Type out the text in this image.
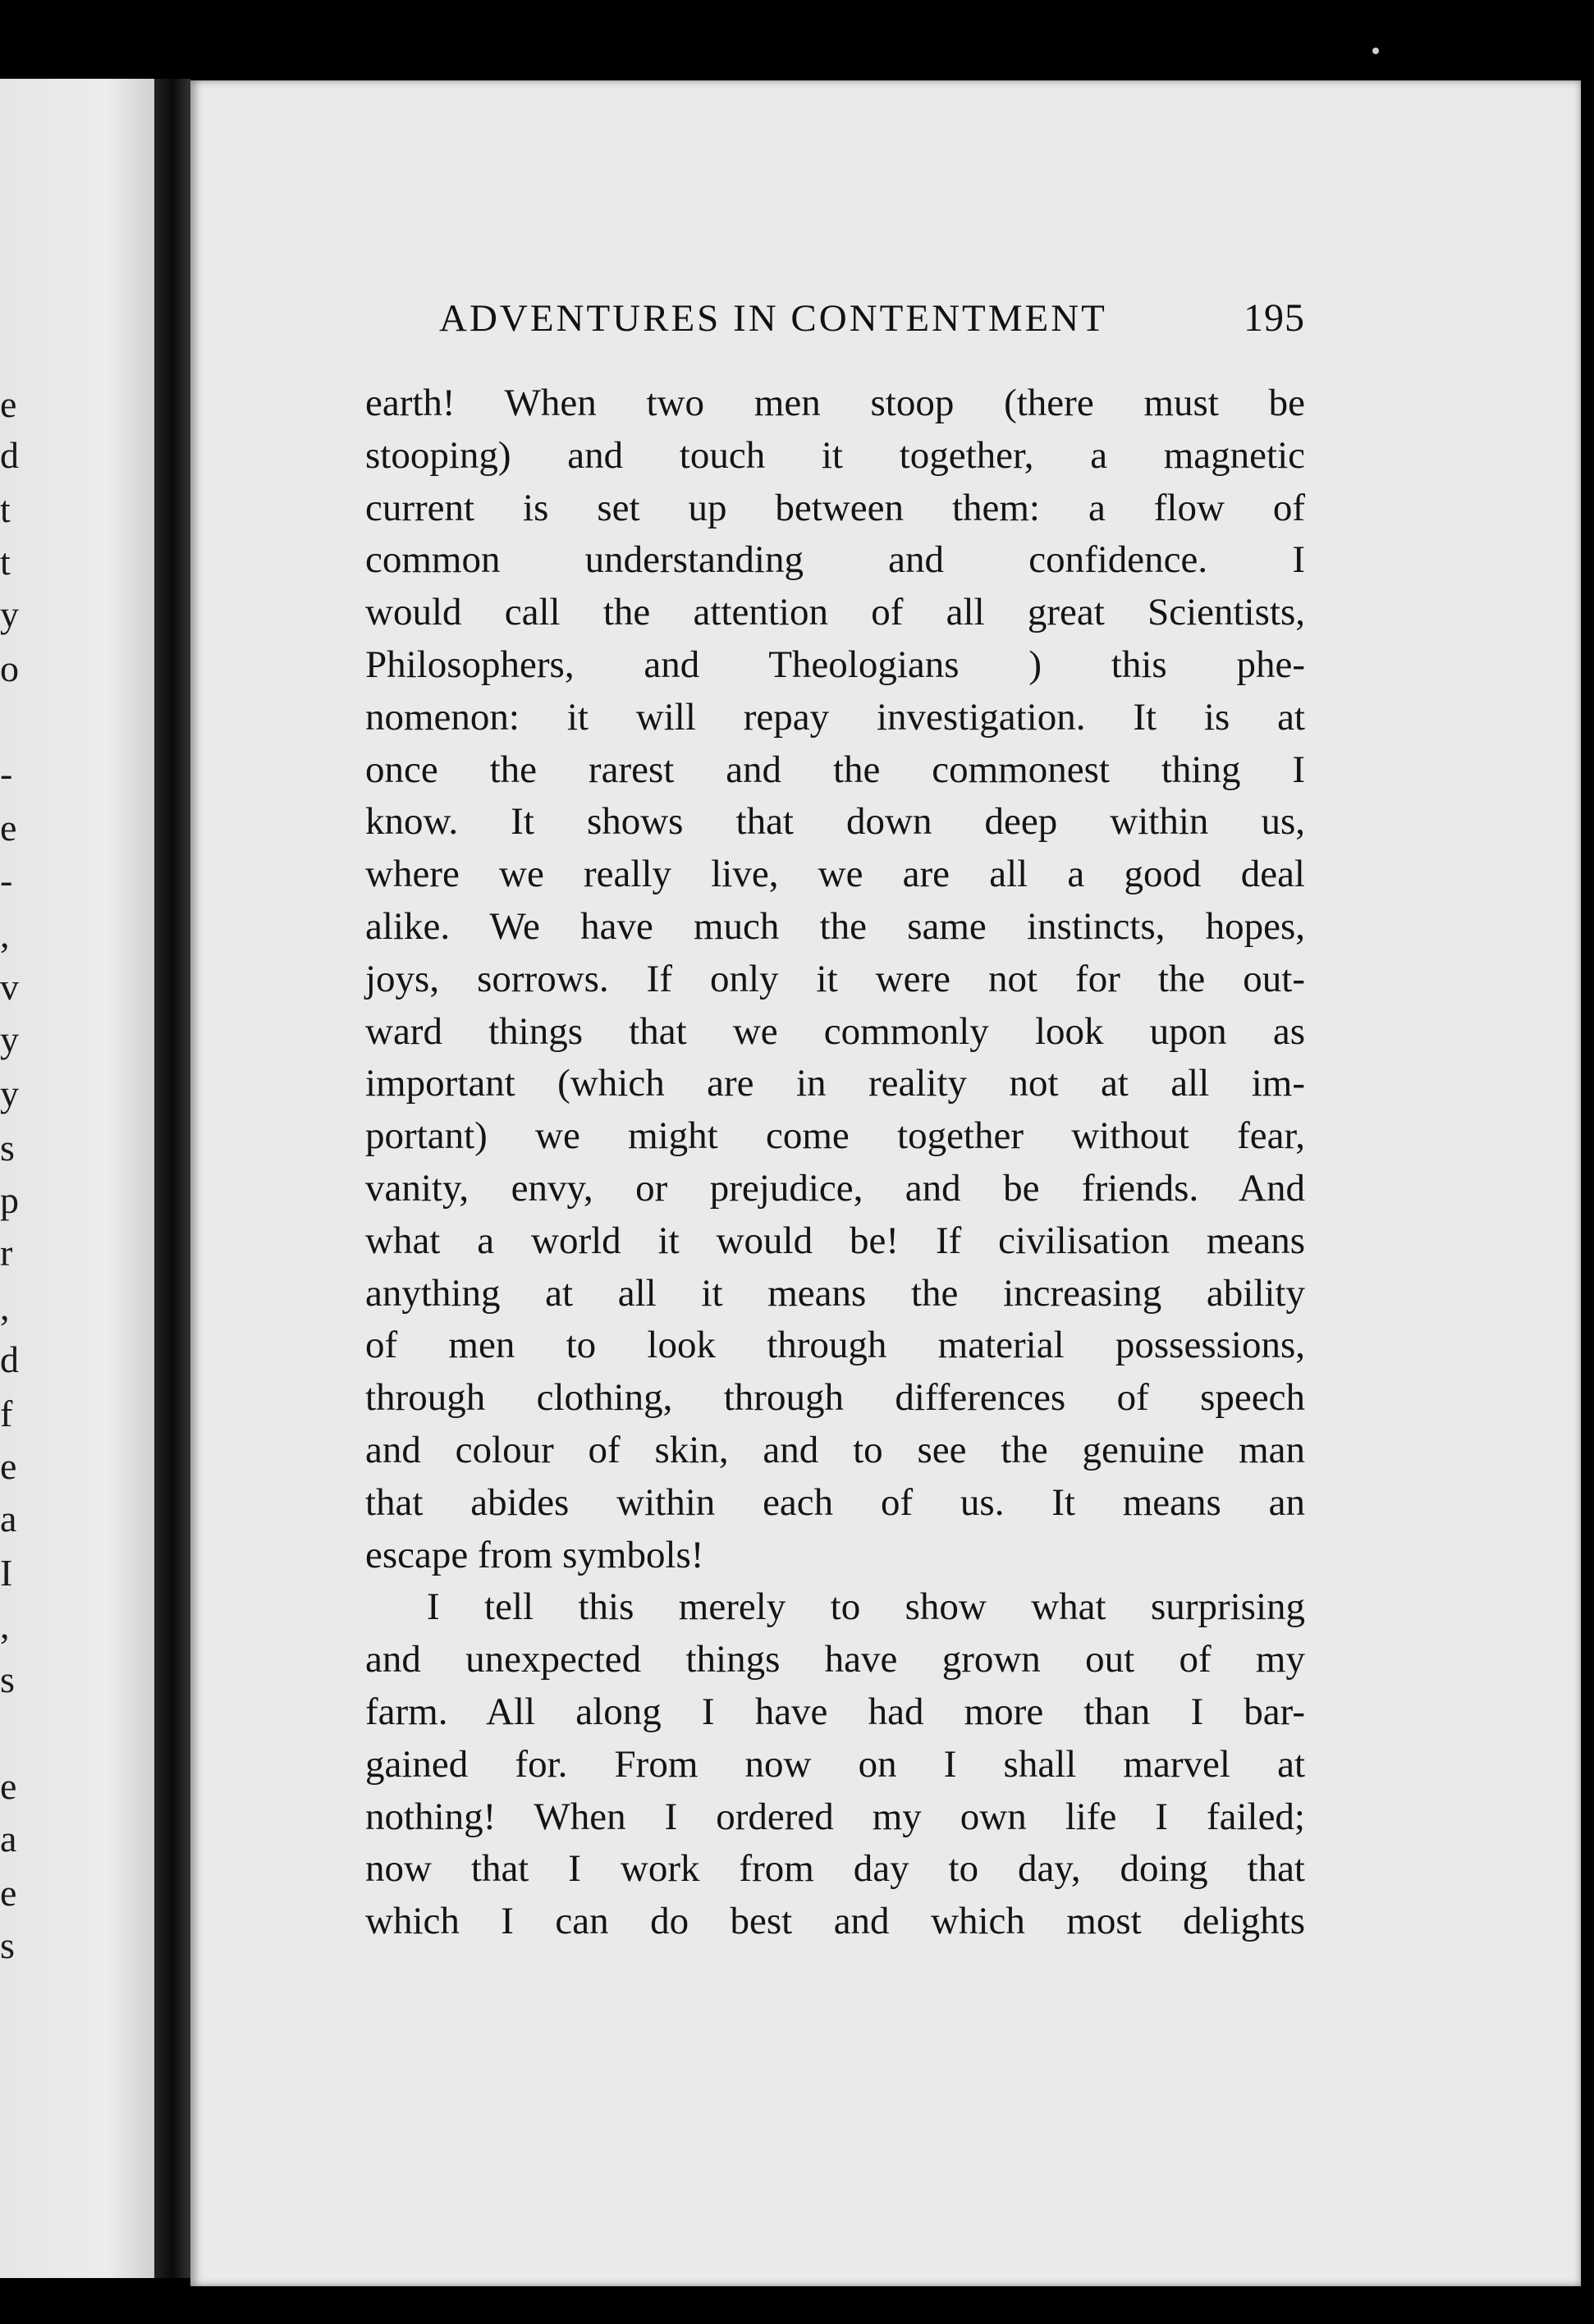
e
d
t
t
y
o
-
e
-
,
v
y
y
s
p
r
,
d
f
e
a
I
,
s
e
a
e
s
ADVENTURES IN CONTENTMENT	195
earth! When two men stoop (there must be
stooping) and touch it together, a magnetic
current is set up between them: a flow of
common understanding and confidence. I
would call the attention of all great Scientists,
Philosophers, and Theologians ) this phe-
nomenon: it will repay investigation. It is at
once the rarest and the commonest thing I
know. It shows that down deep within us,
where we really live, we are all a good deal
alike. We have much the same instincts, hopes,
joys, sorrows. If only it were not for the out-
ward things that we commonly look upon as
important (which are in reality not at all im-
portant) we might come together without fear,
vanity, envy, or prejudice, and be friends. And
what a world it would be! If civilisation means
anything at all it means the increasing ability
of men to look through material possessions,
through clothing, through differences of speech
and colour of skin, and to see the genuine man
that abides within each of us. It means an
escape from symbols!
I tell this merely to show what surprising
and unexpected things have grown out of my
farm. All along I have had more than I bar-
gained for. From now on I shall marvel at
nothing! When I ordered my own life I failed;
now that I work from day to day, doing that
which I can do best and which most delights
